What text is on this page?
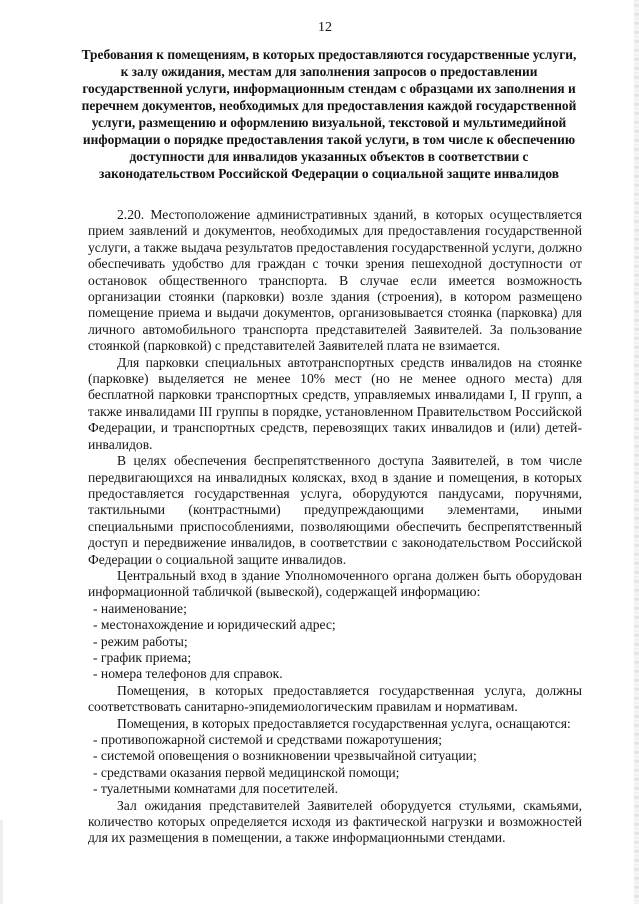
12
Требования к помещениям, в которых предоставляются государственные услуги,
к залу ожидания, местам для заполнения запросов о предоставлении
государственной услуги, информационным стендам с образцами их заполнения и
перечнем документов, необходимых для предоставления каждой государственной
услуги, размещению и оформлению визуальной, текстовой и мультимедийной
информации о порядке предоставления такой услуги, в том числе к обеспечению
доступности для инвалидов указанных объектов в соответствии с
законодательством Российской Федерации о социальной защите инвалидов

2.20. Местоположение административных зданий, в которых осуществляется прием заявлений и документов, необходимых для предоставления государственной услуги, а также выдача результатов предоставления государственной услуги, должно обеспечивать удобство для граждан с точки зрения пешеходной доступности от остановок общественного транспорта. В случае если имеется возможность организации стоянки (парковки) возле здания (строения), в котором размещено помещение приема и выдачи документов, организовывается стоянка (парковка) для личного автомобильного транспорта представителей Заявителей. За пользование стоянкой (парковкой) с представителей Заявителей плата не взимается.

Для парковки специальных автотранспортных средств инвалидов на стоянке (парковке) выделяется не менее 10% мест (но не менее одного места) для бесплатной парковки транспортных средств, управляемых инвалидами I, II групп, а также инвалидами III группы в порядке, установленном Правительством Российской Федерации, и транспортных средств, перевозящих таких инвалидов и (или) детей-инвалидов.

В целях обеспечения беспрепятственного доступа Заявителей, в том числе передвигающихся на инвалидных колясках, вход в здание и помещения, в которых предоставляется государственная услуга, оборудуются пандусами, поручнями, тактильными (контрастными) предупреждающими элементами, иными специальными приспособлениями, позволяющими обеспечить беспрепятственный доступ и передвижение инвалидов, в соответствии с законодательством Российской Федерации о социальной защите инвалидов.

Центральный вход в здание Уполномоченного органа должен быть оборудован информационной табличкой (вывеской), содержащей информацию:

- наименование;

- местонахождение и юридический адрес;

- режим работы;

- график приема;

- номера телефонов для справок.

Помещения, в которых предоставляется государственная услуга, должны соответствовать санитарно-эпидемиологическим правилам и нормативам.

Помещения, в которых предоставляется государственная услуга, оснащаются:

- противопожарной системой и средствами пожаротушения;

- системой оповещения о возникновении чрезвычайной ситуации;

- средствами оказания первой медицинской помощи;

- туалетными комнатами для посетителей.

Зал ожидания представителей Заявителей оборудуется стульями, скамьями, количество которых определяется исходя из фактической нагрузки и возможностей для их размещения в помещении, а также информационными стендами.
